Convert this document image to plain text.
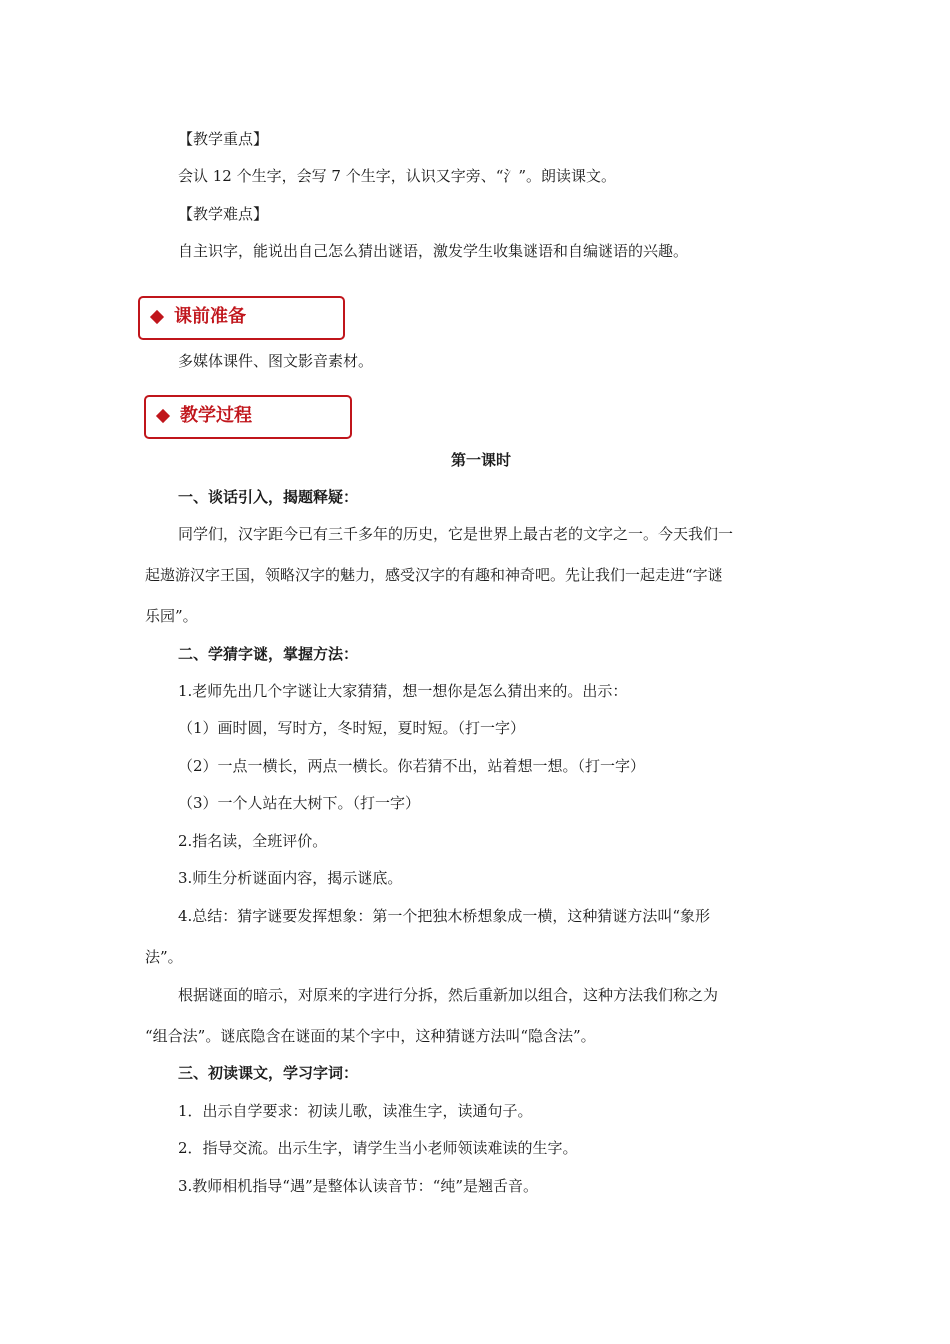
【教学重点】
会认 12 个生字，会写 7 个生字，认识又字旁、“氵”。朗读课文。
【教学难点】
自主识字，能说出自己怎么猜出谜语，激发学生收集谜语和自编谜语的兴趣。
课前准备
多媒体课件、图文影音素材。
教学过程
第一课时
一、谈话引入，揭题释疑：
同学们，汉字距今已有三千多年的历史，它是世界上最古老的文字之一。今天我们一
起遨游汉字王国，领略汉字的魅力，感受汉字的有趣和神奇吧。先让我们一起走进“字谜
乐园”。
二、学猜字谜，掌握方法：
1.老师先出几个字谜让大家猜猜，想一想你是怎么猜出来的。出示：
（1）画时圆，写时方，冬时短，夏时短。（打一字）
（2）一点一横长，两点一横长。你若猜不出，站着想一想。（打一字）
（3）一个人站在大树下。（打一字）
2.指名读，全班评价。
3.师生分析谜面内容，揭示谜底。
4.总结：猜字谜要发挥想象：第一个把独木桥想象成一横，这种猜谜方法叫“象形
法”。
根据谜面的暗示，对原来的字进行分拆，然后重新加以组合，这种方法我们称之为
“组合法”。谜底隐含在谜面的某个字中，这种猜谜方法叫“隐含法”。
三、初读课文，学习字词：
1．出示自学要求：初读儿歌，读准生字，读通句子。
2．指导交流。出示生字，请学生当小老师领读难读的生字。
3.教师相机指导“遇”是整体认读音节：“纯”是翘舌音。
